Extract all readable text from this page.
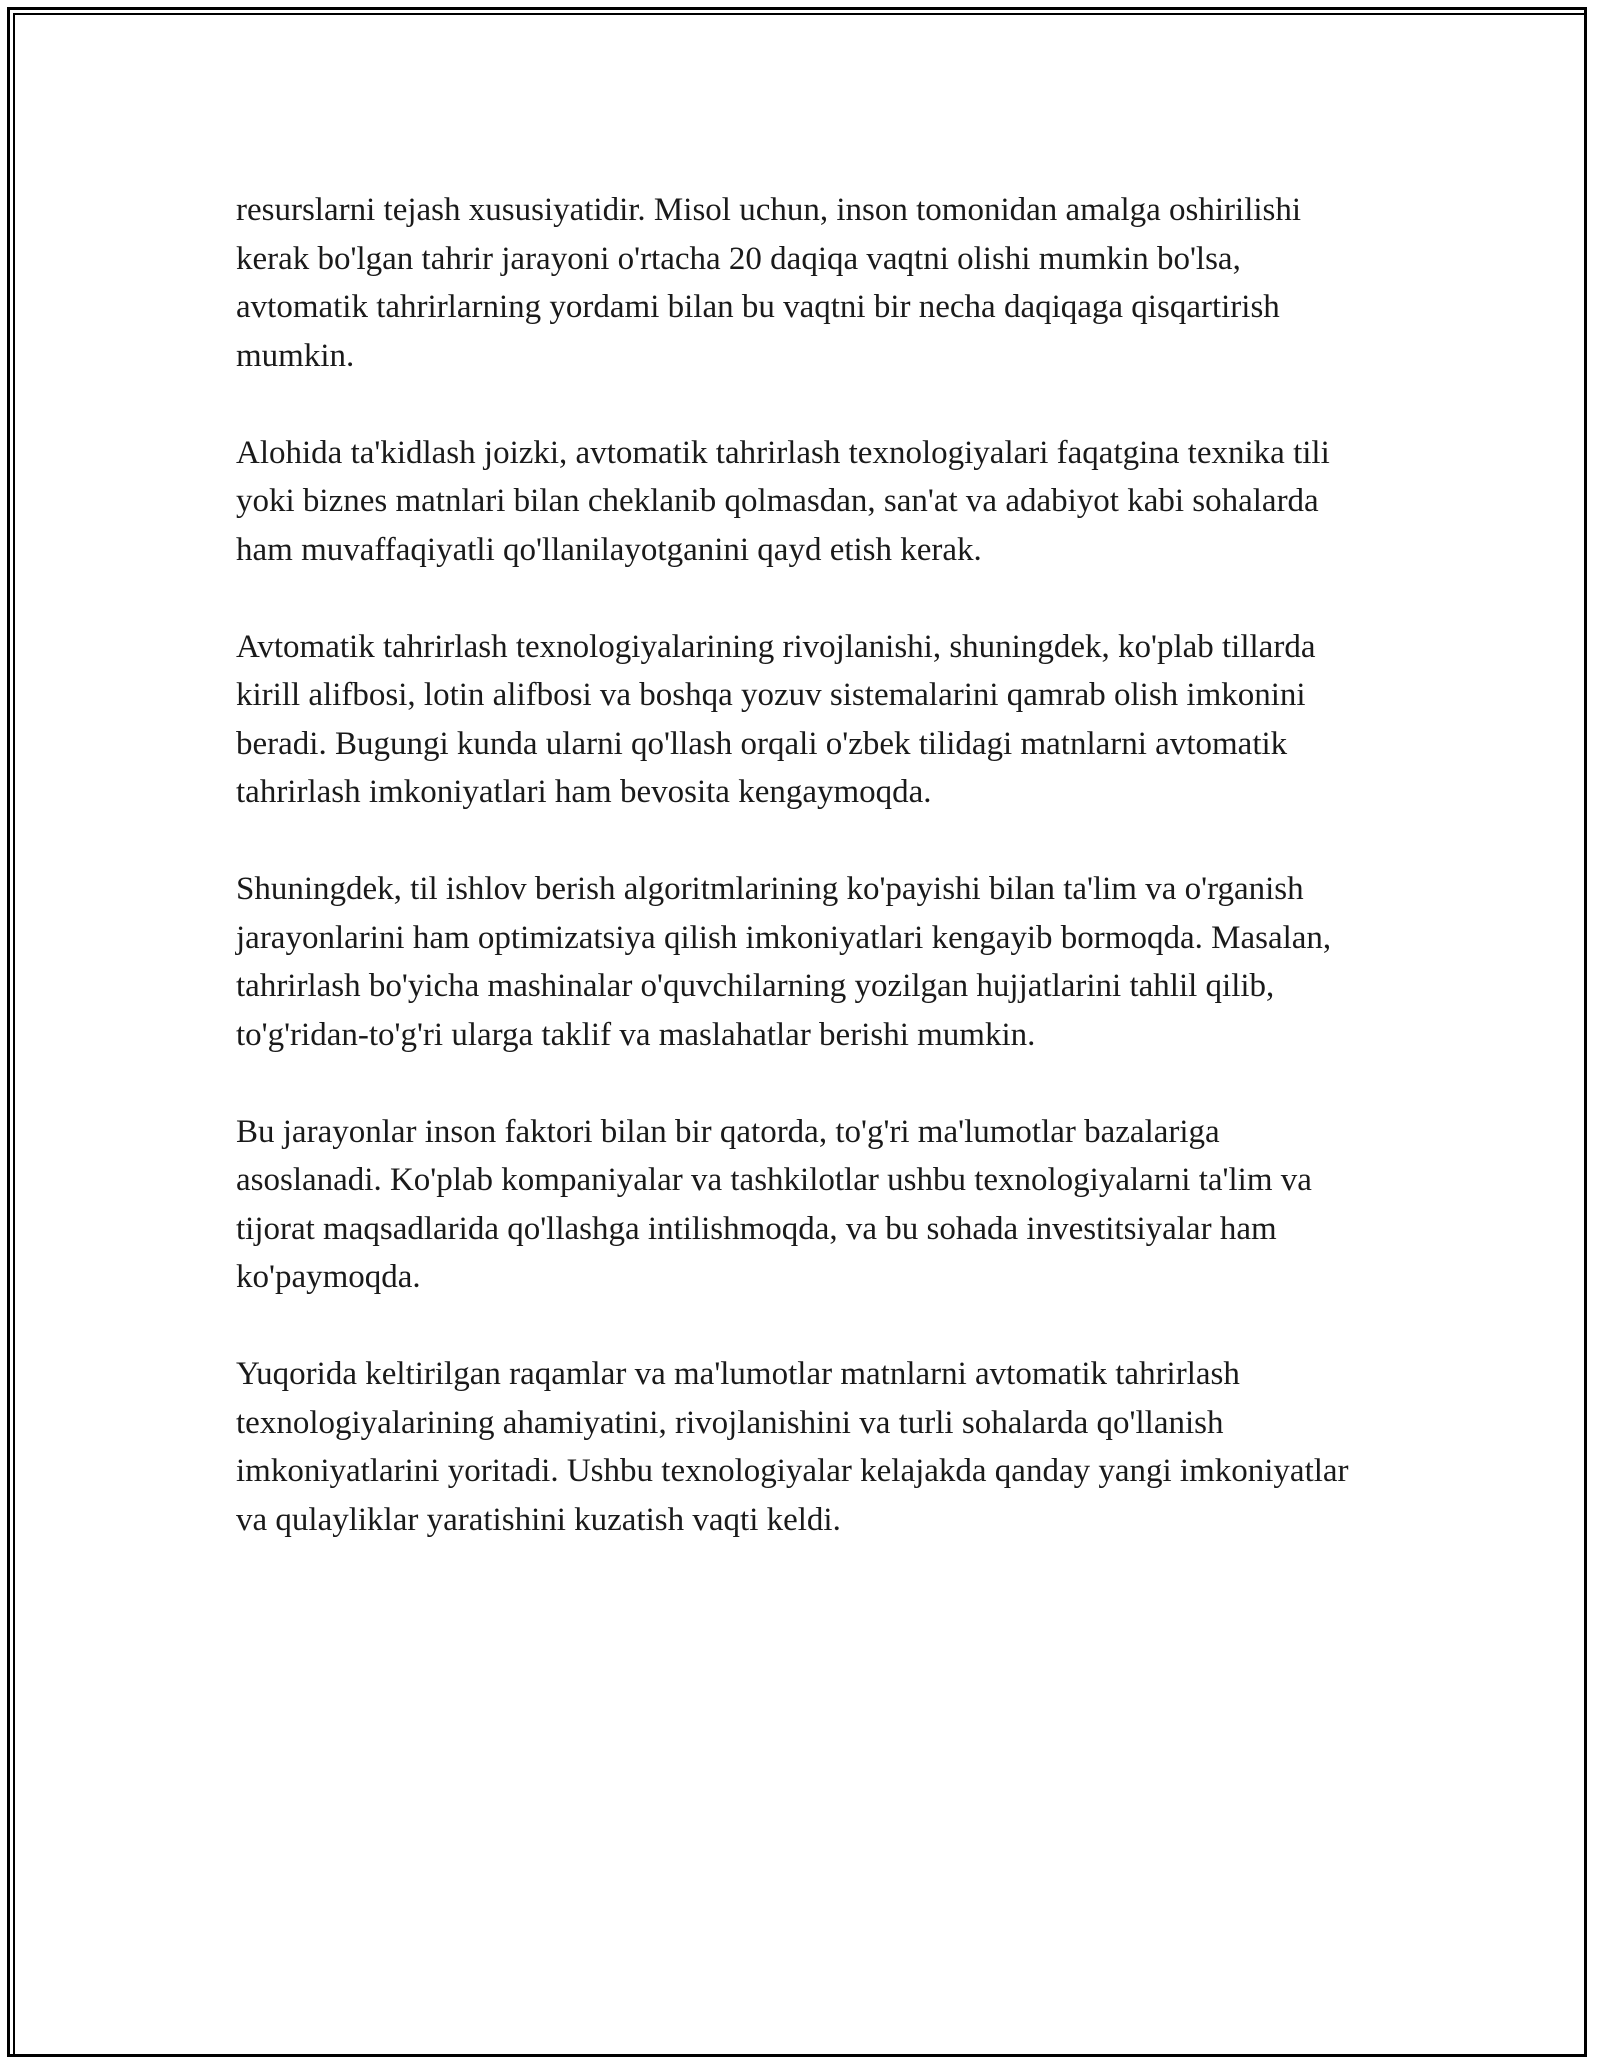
resurslarni tejash xususiyatidir. Misol uchun, inson tomonidan amalga oshirilishi kerak bo'lgan tahrir jarayoni o'rtacha 20 daqiqa vaqtni olishi mumkin bo'lsa, avtomatik tahrirlarning yordami bilan bu vaqtni bir necha daqiqaga qisqartirish mumkin.

Alohida ta'kidlash joizki, avtomatik tahrirlash texnologiyalari faqatgina texnika tili yoki biznes matnlari bilan cheklanib qolmasdan, san'at va adabiyot kabi sohalarda ham muvaffaqiyatli qo'llanilayotganini qayd etish kerak.

Avtomatik tahrirlash texnologiyalarining rivojlanishi, shuningdek, ko'plab tillarda kirill alifbosi, lotin alifbosi va boshqa yozuv sistemalarini qamrab olish imkonini beradi. Bugungi kunda ularni qo'llash orqali o'zbek tilidagi matnlarni avtomatik tahrirlash imkoniyatlari ham bevosita kengaymoqda.

Shuningdek, til ishlov berish algoritmlarining ko'payishi bilan ta'lim va o'rganish jarayonlarini ham optimizatsiya qilish imkoniyatlari kengayib bormoqda. Masalan, tahrirlash bo'yicha mashinalar o'quvchilarning yozilgan hujjatlarini tahlil qilib, to'g'ridan-to'g'ri ularga taklif va maslahatlar berishi mumkin.

Bu jarayonlar inson faktori bilan bir qatorda, to'g'ri ma'lumotlar bazalariga asoslanadi. Ko'plab kompaniyalar va tashkilotlar ushbu texnologiyalarni ta'lim va tijorat maqsadlarida qo'llashga intilishmoqda, va bu sohada investitsiyalar ham ko'paymoqda.

Yuqorida keltirilgan raqamlar va ma'lumotlar matnlarni avtomatik tahrirlash texnologiyalarining ahamiyatini, rivojlanishini va turli sohalarda qo'llanish imkoniyatlarini yoritadi. Ushbu texnologiyalar kelajakda qanday yangi imkoniyatlar va qulayliklar yaratishini kuzatish vaqti keldi.
